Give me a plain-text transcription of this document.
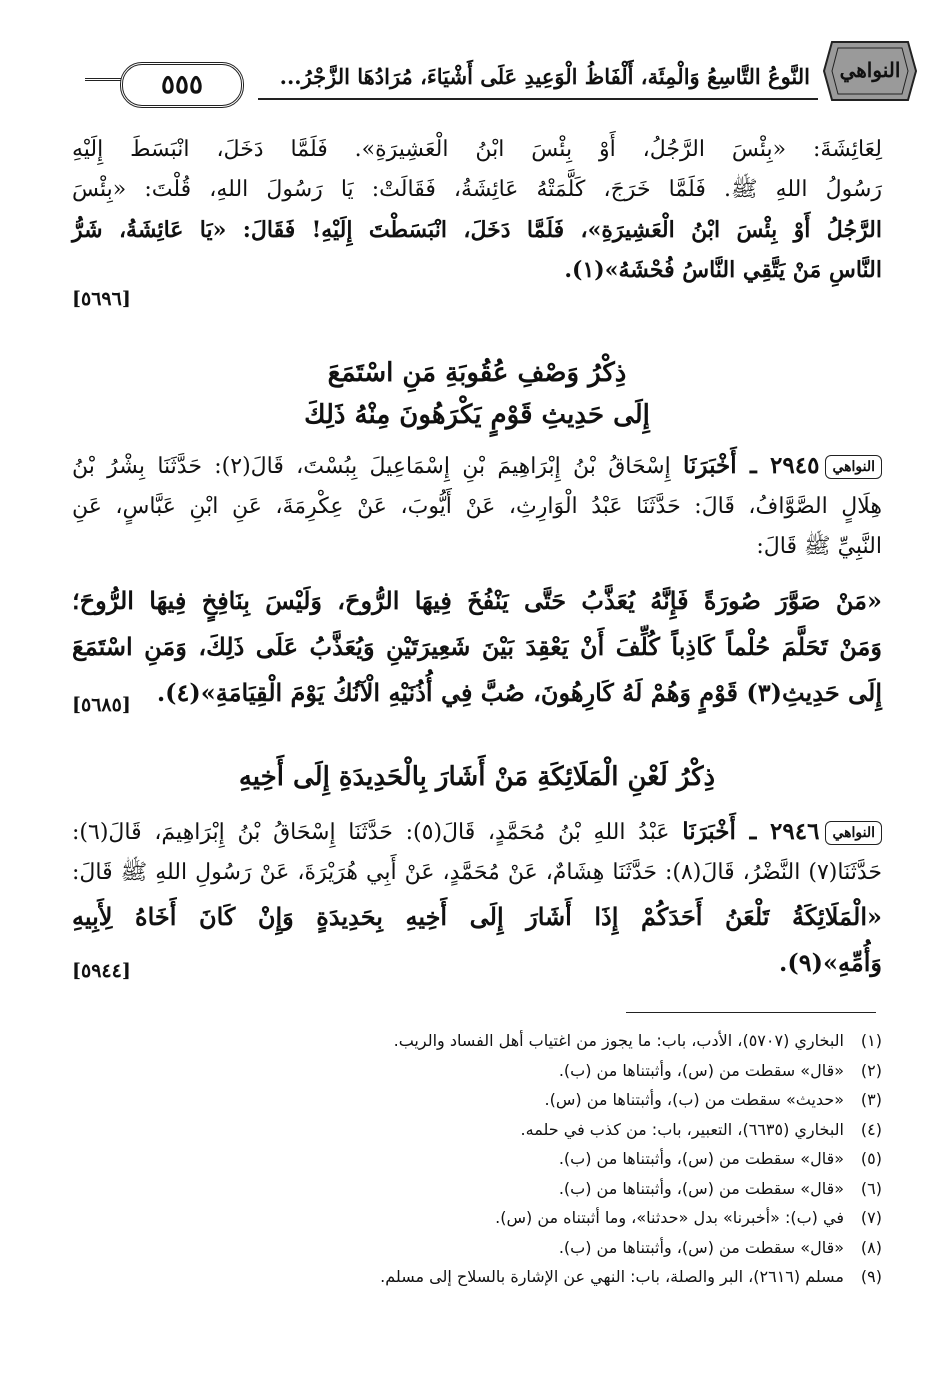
٥٥٥	النَّوعُ التَّاسِعُ وَالْمِئَة، أَلْفَاظُ الْوَعِيدِ عَلَى أَشْيَاءَ، مُرَادُهَا الزَّجْرُ...	النواهي
لِعَائِشَةَ: «بِئْسَ الرَّجُلُ، أَوْ بِئْسَ ابْنُ الْعَشِيرَةِ». فَلَمَّا دَخَلَ، انْبَسَطَ إِلَيْهِ
رَسُولُ اللهِ ﷺ. فَلَمَّا خَرَجَ، كَلَّمَتْهُ عَائِشَةُ، فَقَالَتْ: يَا رَسُولَ اللهِ، قُلْتَ: «بِئْسَ
الرَّجُلُ أَوْ بِئْسَ ابْنُ الْعَشِيرَةِ»، فَلَمَّا دَخَلَ، انْبَسَطْتَ إِلَيْهِ! فَقَالَ: «يَا عَائِشَةُ، شَرُّ
النَّاسِ مَنْ يَتَّقِي النَّاسُ فُحْشَهُ»(١).
[٥٦٩٦]
ذِكْرُ وَصْفِ عُقُوبَةِ مَنِ اسْتَمَعَ
إِلَى حَدِيثِ قَوْمٍ يَكْرَهُونَ مِنْهُ ذَلِكَ
النواهي٢٩٤٥ ـ أَخْبَرَنَا إِسْحَاقُ بْنُ إِبْرَاهِيمَ بْنِ إِسْمَاعِيلَ بِبُسْتَ، قَالَ(٢): حَدَّثَنَا بِشْرُ بْنُ
هِلَالٍ الصَّوَّافُ، قَالَ: حَدَّثَنَا عَبْدُ الْوَارِثِ، عَنْ أَيُّوبَ، عَنْ عِكْرِمَةَ، عَنِ ابْنِ عَبَّاسٍ، عَنِ
النَّبِيِّ ﷺ قَالَ:
«مَنْ صَوَّرَ صُورَةً فَإِنَّهُ يُعَذَّبُ حَتَّى يَنْفُخَ فِيهَا الرُّوحَ، وَلَيْسَ بِنَافِخٍ فِيهَا الرُّوحَ؛
وَمَنْ تَحَلَّمَ حُلْماً كَاذِباً كُلِّفَ أَنْ يَعْقِدَ بَيْنَ شَعِيرَتَيْنِ وَيُعَذَّبُ عَلَى ذَلِكَ، وَمَنِ اسْتَمَعَ
إِلَى حَدِيثِ(٣) قَوْمٍ وَهُمْ لَهُ كَارِهُونَ، صُبَّ فِي أُذُنَيْهِ الْآنُكُ يَوْمَ الْقِيَامَةِ»(٤).
[٥٦٨٥]
ذِكْرُ لَعْنِ الْمَلَائِكَةِ مَنْ أَشَارَ بِالْحَدِيدَةِ إِلَى أَخِيهِ
النواهي٢٩٤٦ ـ أَخْبَرَنَا عَبْدُ اللهِ بْنُ مُحَمَّدٍ، قَالَ(٥): حَدَّثَنَا إِسْحَاقُ بْنُ إِبْرَاهِيمَ، قَالَ(٦):
حَدَّثَنَا(٧) النَّضْرُ، قَالَ(٨): حَدَّثَنَا هِشَامٌ، عَنْ مُحَمَّدٍ، عَنْ أَبِي هُرَيْرَةَ، عَنْ رَسُولِ اللهِ ﷺ قَالَ:
«الْمَلَائِكَةُ تَلْعَنُ أَحَدَكُمْ إِذَا أَشَارَ إِلَى أَخِيهِ بِحَدِيدَةٍ وَإِنْ كَانَ أَخَاهُ لِأَبِيهِ
وَأُمِّهِ»(٩).
[٥٩٤٤]
(١)البخاري (٥٧٠٧)، الأدب، باب: ما يجوز من اغتياب أهل الفساد والريب.
(٢)«قال» سقطت من (س)، وأثبتناها من (ب).
(٣)«حديث» سقطت من (ب)، وأثبتناها من (س).
(٤)البخاري (٦٦٣٥)، التعبير، باب: من كذب في حلمه.
(٥)«قال» سقطت من (س)، وأثبتناها من (ب).
(٦)«قال» سقطت من (س)، وأثبتناها من (ب).
(٧)في (ب): «أخبرنا» بدل «حدثنا»، وما أثبتناه من (س).
(٨)«قال» سقطت من (س)، وأثبتناها من (ب).
(٩)مسلم (٢٦١٦)، البر والصلة، باب: النهي عن الإشارة بالسلاح إلى مسلم.
